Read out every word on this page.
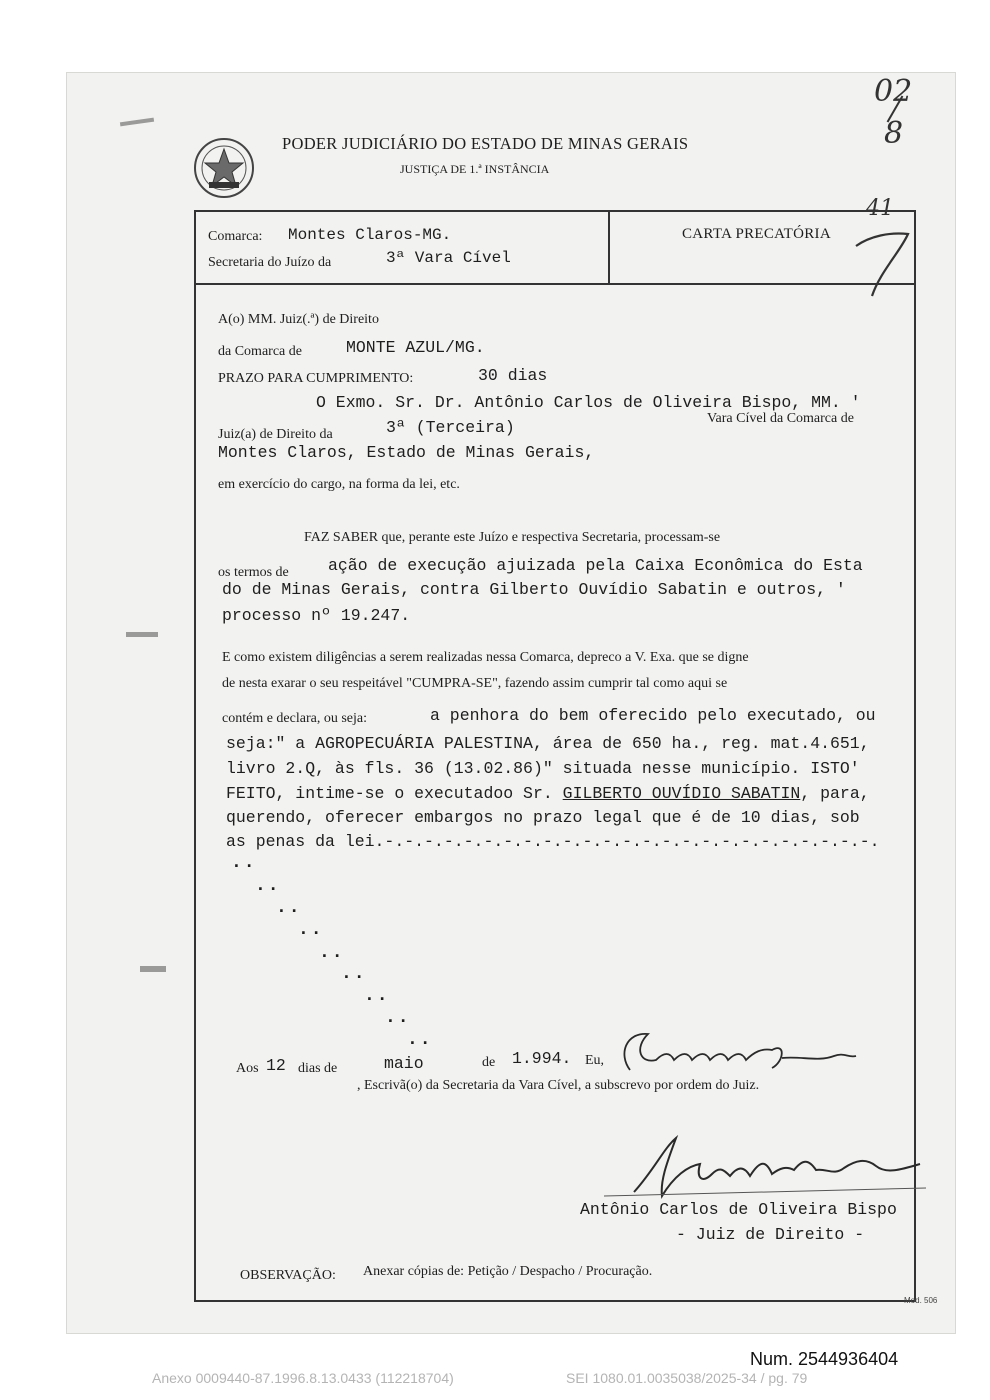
PODER JUDICIÁRIO DO ESTADO DE MINAS GERAIS
JUSTIÇA DE 1.ª INSTÂNCIA
02
8
Comarca: Montes Claros-MG.
Secretaria do Juízo da	3ª Vara Cível
CARTA PRECATÓRIA
41
A(o) MM. Juiz(.ª) de Direito
da Comarca de	MONTE AZUL/MG.
PRAZO PARA CUMPRIMENTO:	30 dias
O Exmo. Sr. Dr. Antônio Carlos de Oliveira Bispo, MM. '
Juiz(a) de Direito da	3ª (Terceira)	Vara Cível da Comarca de
Montes Claros, Estado de Minas Gerais,
em exercício do cargo, na forma da lei, etc.
FAZ SABER que, perante este Juízo e respectiva Secretaria, processam-se
os termos de ação de execução ajuizada pela Caixa Econômica do Esta
do de Minas Gerais, contra Gilberto Ouvídio Sabatin e outros, '
processo nº 19.247.
E como existem diligências a serem realizadas nessa Comarca, depreco a V. Exa. que se digne
de nesta exarar o seu respeitável "CUMPRA-SE", fazendo assim cumprir tal como aqui se
contém e declara, ou seja:	a penhora do bem oferecido pelo executado, ou
seja:" a AGROPECUÁRIA PALESTINA, área de 650 ha., reg. mat.4.651,
livro 2.Q, às fls. 36 (13.02.86)" situada nesse município. ISTO'
FEITO, intime-se o executadoo Sr. GILBERTO OUVÍDIO SABATIN, para,
querendo, oferecer embargos no prazo legal que é de 10 dias, sob
as penas da lei.-.-.-.-.-.-.-.-.-.-.-.-.-.-.-.-.-.-.-.-.-.-.-.-.-.
..
..
..
..
..
..
..
..
..
Aos 12 dias de	maio	de 1.994. Eu,
, Escrivã(o) da Secretaria da Vara Cível, a subscrevo por ordem do Juiz.
Antônio Carlos de Oliveira Bispo
- Juiz de Direito -
OBSERVAÇÃO: Anexar cópias de: Petição / Despacho / Procuração.
Mod. 506
Num. 2544936404
Anexo 0009440-87.1996.8.13.0433 (112218704)	SEI 1080.01.0035038/2025-34 / pg. 79
